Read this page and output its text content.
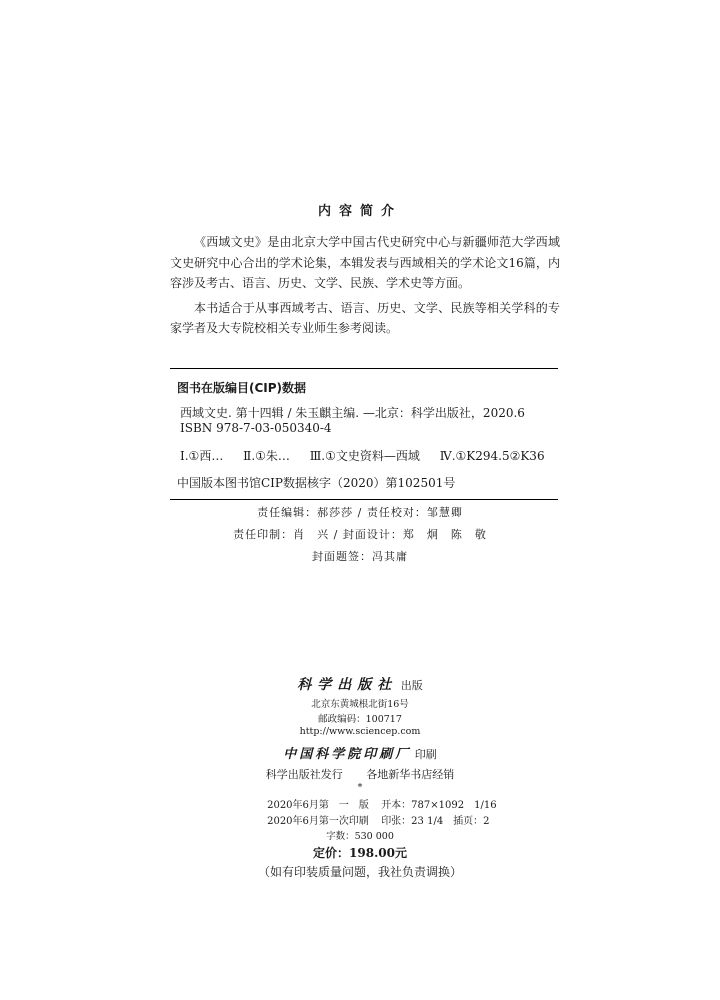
内容简介

《西域文史》是由北京大学中国古代史研究中心与新疆师范大学西域文史研究中心合出的学术论集，本辑发表与西域相关的学术论文16篇，内容涉及考古、语言、历史、文学、民族、学术史等方面。

本书适合于从事西域考古、语言、历史、文学、民族等相关学科的专家学者及大专院校相关专业师生参考阅读。

图书在版编目(CIP)数据
西域文史. 第十四辑 / 朱玉麒主编. —北京：科学出版社，2020.6
ISBN 978-7-03-050340-4
Ⅰ.①西… Ⅱ.①朱… Ⅲ.①文史资料—西域 Ⅳ.①K294.5②K36
中国版本图书馆CIP数据核字（2020）第102501号
责任编辑：郝莎莎 / 责任校对：邹慧卿
责任印制：肖　兴 / 封面设计：郑　炯　陈　敬
封面题签：冯其庸
科学出版社 出版
北京东黄城根北街16号
邮政编码：100717
http://www.sciencep.com
中国科学院印刷厂 印刷
科学出版社发行 各地新华书店经销
*
2020年6月第　一　版 开本：787×1092　1/16
2020年6月第一次印刷 印张：23 1/4　插页：2
字数：530 000
定价：198.00元
（如有印装质量问题，我社负责调换）
